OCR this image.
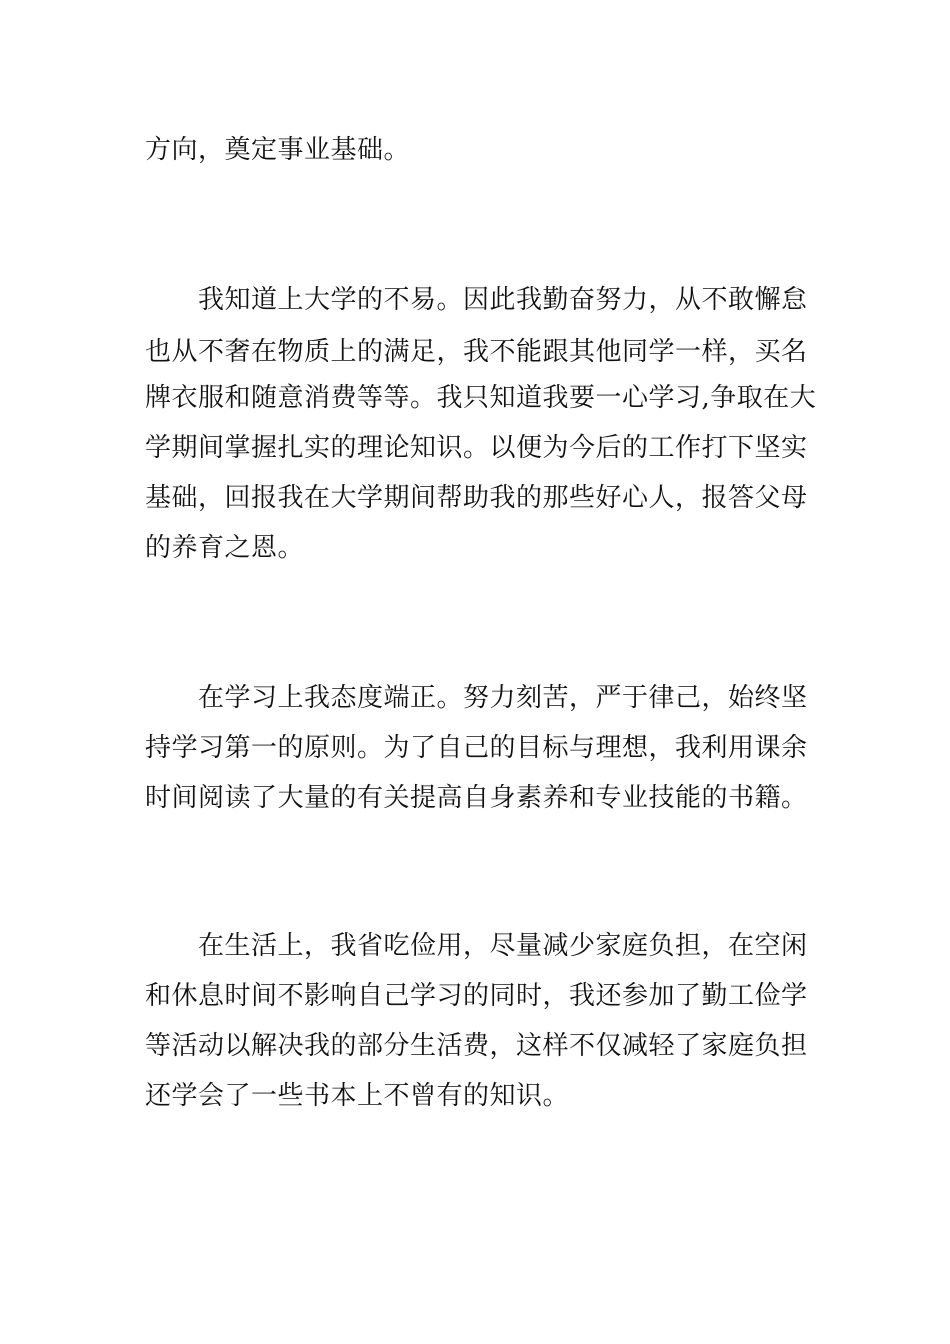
方向，奠定事业基础。

我知道上大学的不易。因此我勤奋努力，从不敢懈怠

也从不奢在物质上的满足，我不能跟其他同学一样，买名

牌衣服和随意消费等等。我只知道我要一心学习,争取在大

学期间掌握扎实的理论知识。以便为今后的工作打下坚实

基础，回报我在大学期间帮助我的那些好心人，报答父母

的养育之恩。

在学习上我态度端正。努力刻苦，严于律己，始终坚

持学习第一的原则。为了自己的目标与理想，我利用课余

时间阅读了大量的有关提高自身素养和专业技能的书籍。

在生活上，我省吃俭用，尽量减少家庭负担，在空闲

和休息时间不影响自己学习的同时，我还参加了勤工俭学

等活动以解决我的部分生活费，这样不仅减轻了家庭负担

还学会了一些书本上不曾有的知识。
